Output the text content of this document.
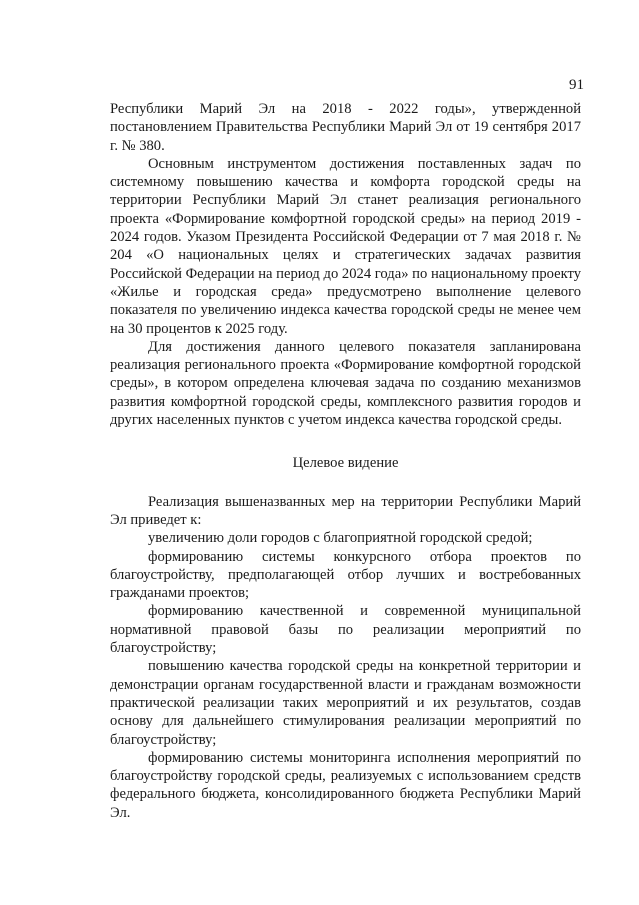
91

Республики Марий Эл на 2018 - 2022 годы», утвержденной постановлением Правительства Республики Марий Эл от 19 сентября 2017 г. № 380.

Основным инструментом достижения поставленных задач по системному повышению качества и комфорта городской среды на территории Республики Марий Эл станет реализация регионального проекта «Формирование комфортной городской среды» на период 2019 - 2024 годов. Указом Президента Российской Федерации от 7 мая 2018 г. № 204 «О национальных целях и стратегических задачах развития Российской Федерации на период до 2024 года» по национальному проекту «Жилье и городская среда» предусмотрено выполнение целевого показателя по увеличению индекса качества городской среды не менее чем на 30 процентов к 2025 году.

Для достижения данного целевого показателя запланирована реализация регионального проекта «Формирование комфортной городской среды», в котором определена ключевая задача по созданию механизмов развития комфортной городской среды, комплексного развития городов и других населенных пунктов с учетом индекса качества городской среды.

Целевое видение

Реализация вышеназванных мер на территории Республики Марий Эл приведет к:

увеличению доли городов с благоприятной городской средой;

формированию системы конкурсного отбора проектов по благоустройству, предполагающей отбор лучших и востребованных гражданами проектов;

формированию качественной и современной муниципальной нормативной правовой базы по реализации мероприятий по благоустройству;

повышению качества городской среды на конкретной территории и демонстрации органам государственной власти и гражданам возможности практической реализации таких мероприятий и их результатов, создав основу для дальнейшего стимулирования реализации мероприятий по благоустройству;

формированию системы мониторинга исполнения мероприятий по благоустройству городской среды, реализуемых с использованием средств федерального бюджета, консолидированного бюджета Республики Марий Эл.
